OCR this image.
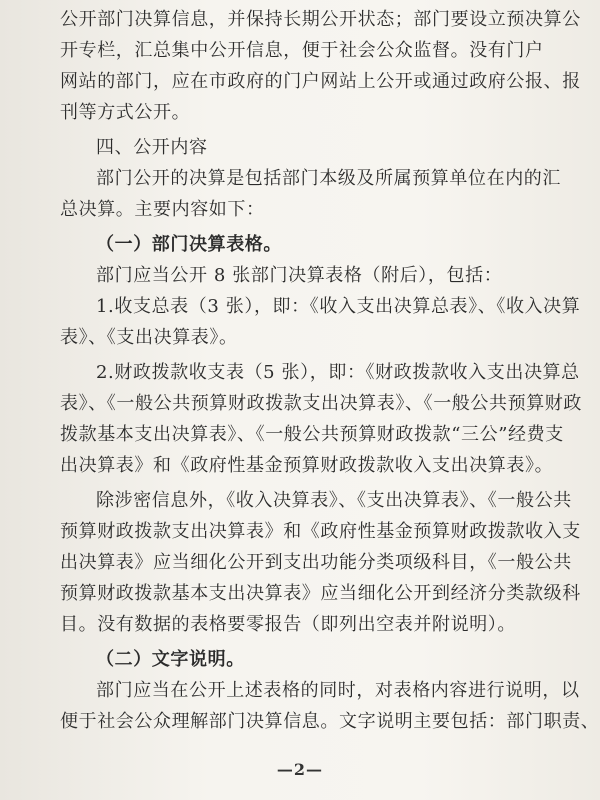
公开部门决算信息，并保持长期公开状态；部门要设立预决算公
开专栏，汇总集中公开信息，便于社会公众监督。没有门户
网站的部门，应在市政府的门户网站上公开或通过政府公报、报
刊等方式公开。
四、公开内容
部门公开的决算是包括部门本级及所属预算单位在内的汇
总决算。主要内容如下：
（一）部门决算表格。
部门应当公开 8 张部门决算表格（附后），包括：
1.收支总表（3 张），即：《收入支出决算总表》、《收入决算
表》、《支出决算表》。
2.财政拨款收支表（5 张），即：《财政拨款收入支出决算总
表》、《一般公共预算财政拨款支出决算表》、《一般公共预算财政
拨款基本支出决算表》、《一般公共预算财政拨款“三公”经费支
出决算表》和《政府性基金预算财政拨款收入支出决算表》。
除涉密信息外，《收入决算表》、《支出决算表》、《一般公共
预算财政拨款支出决算表》和《政府性基金预算财政拨款收入支
出决算表》应当细化公开到支出功能分类项级科目，《一般公共
预算财政拨款基本支出决算表》应当细化公开到经济分类款级科
目。没有数据的表格要零报告（即列出空表并附说明）。
（二）文字说明。
部门应当在公开上述表格的同时，对表格内容进行说明，以
便于社会公众理解部门决算信息。文字说明主要包括：部门职责、
—2—
